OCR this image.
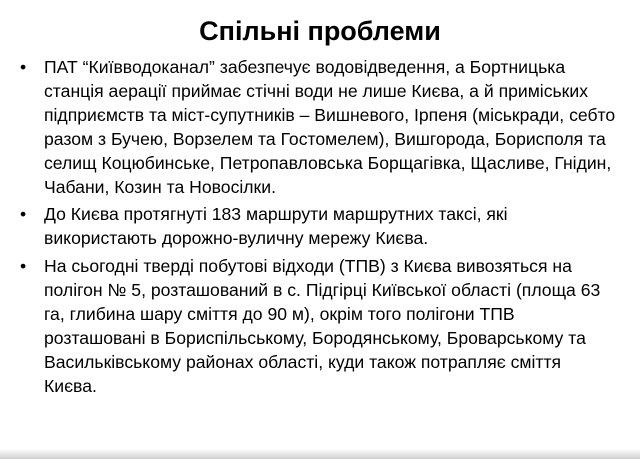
Спільні проблеми
• ПАТ “Київводоканал” забезпечує водовідведення, а Бортницька станція аерації приймає стічні води не лише Києва, а й приміських підприємств та міст-супутників – Вишневого, Ірпеня (міськради, себто разом з Бучею, Ворзелем та Гостомелем), Вишгорода, Борисполя та селищ Коцюбинське, Петропавловська Борщагівка, Щасливе, Гнідин, Чабани, Козин та Новосілки.
• До Києва протягнуті 183 маршрути маршрутних таксі, які використають дорожно-вуличну мережу Києва.
• На сьогодні тверді побутові відходи (ТПВ) з Києва вивозяться на полігон № 5, розташований в с. Підгірці Київської області (площа 63 га, глибина шару сміття до 90 м), окрім того полігони ТПВ розташовані в Бориспільському, Бородянському, Броварському та Васильківському районах області, куди також потрапляє сміття Києва.
